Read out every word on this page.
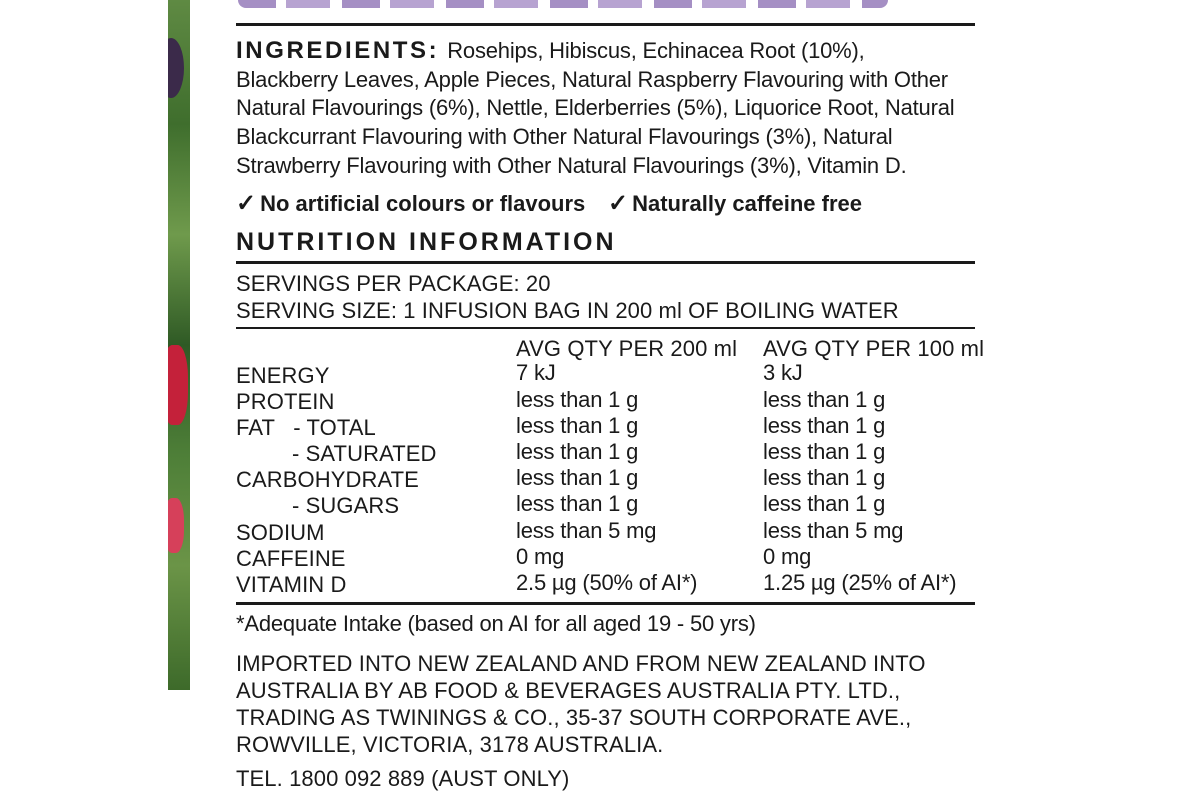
INGREDIENTS: Rosehips, Hibiscus, Echinacea Root (10%),
Blackberry Leaves, Apple Pieces, Natural Raspberry Flavouring with Other
Natural Flavourings (6%), Nettle, Elderberries (5%), Liquorice Root, Natural
Blackcurrant Flavouring with Other Natural Flavourings (3%), Natural
Strawberry Flavouring with Other Natural Flavourings (3%), Vitamin D.
✓ No artificial colours or flavours ✓ Naturally caffeine free
NUTRITION INFORMATION
SERVINGS PER PACKAGE: 20
SERVING SIZE: 1 INFUSION BAG IN 200 ml OF BOILING WATER
AVG QTY PER 200 ml AVG QTY PER 100 ml
ENERGY	7 kJ	3 kJ
PROTEIN	less than 1 g	less than 1 g
FAT   - TOTAL	less than 1 g	less than 1 g
- SATURATED	less than 1 g	less than 1 g
CARBOHYDRATE	less than 1 g	less than 1 g
- SUGARS	less than 1 g	less than 1 g
SODIUM	less than 5 mg	less than 5 mg
CAFFEINE	0 mg	0 mg
VITAMIN D	2.5 µg (50% of AI*)	1.25 µg (25% of AI*)
*Adequate Intake (based on AI for all aged 19 - 50 yrs)
IMPORTED INTO NEW ZEALAND AND FROM NEW ZEALAND INTO
AUSTRALIA BY AB FOOD & BEVERAGES AUSTRALIA PTY. LTD.,
TRADING AS TWININGS & CO., 35-37 SOUTH CORPORATE AVE.,
ROWVILLE, VICTORIA, 3178 AUSTRALIA.
TEL. 1800 092 889 (AUST ONLY)
